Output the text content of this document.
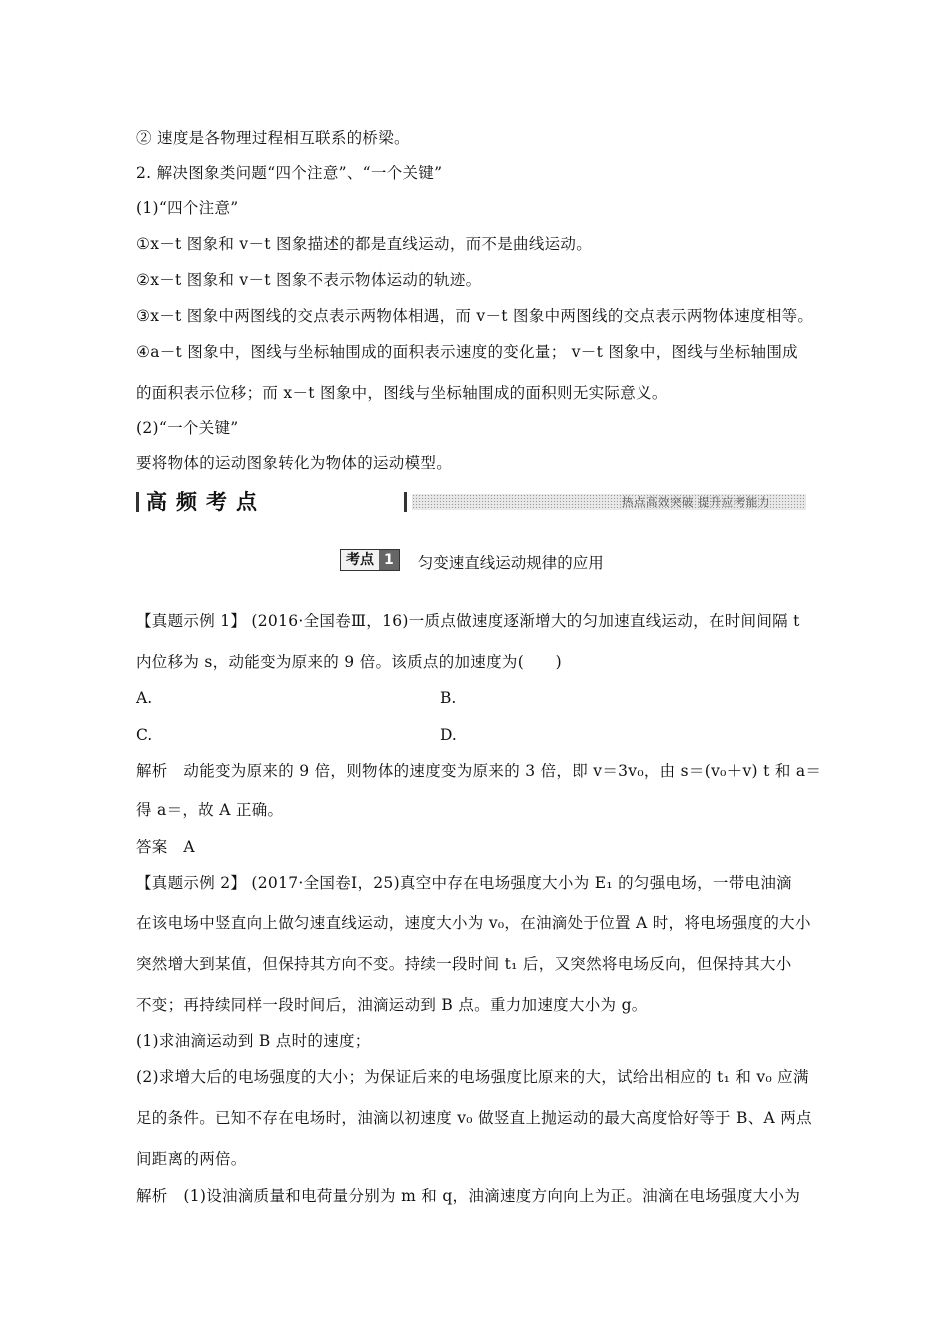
② 速度是各物理过程相互联系的桥梁。
2. 解决图象类问题“四个注意”、“一个关键”
(1)“四个注意”
①x－t 图象和 v－t 图象描述的都是直线运动，而不是曲线运动。
②x－t 图象和 v－t 图象不表示物体运动的轨迹。
③x－t 图象中两图线的交点表示两物体相遇，而 v－t 图象中两图线的交点表示两物体速度相等。
④a－t 图象中，图线与坐标轴围成的面积表示速度的变化量； v－t 图象中，图线与坐标轴围成
的面积表示位移；而 x－t 图象中，图线与坐标轴围成的面积则无实际意义。
(2)“一个关键”
要将物体的运动图象转化为物体的运动模型。
高频考点	热点高效突破 提升应考能力
考点 1	匀变速直线运动规律的应用
【真题示例 1】 (2016·全国卷Ⅲ，16)一质点做速度逐渐增大的匀加速直线运动，在时间间隔 t
内位移为 s，动能变为原来的 9 倍。该质点的加速度为(　　)
A.	B.
C.	D.
解析　动能变为原来的 9 倍，则物体的速度变为原来的 3 倍，即 v＝3v₀，由 s＝(v₀＋v) t 和 a＝
得 a＝，故 A 正确。
答案　A
【真题示例 2】 (2017·全国卷Ⅰ，25)真空中存在电场强度大小为 E₁ 的匀强电场，一带电油滴
在该电场中竖直向上做匀速直线运动，速度大小为 v₀，在油滴处于位置 A 时，将电场强度的大小
突然增大到某值，但保持其方向不变。持续一段时间 t₁ 后，又突然将电场反向，但保持其大小
不变；再持续同样一段时间后，油滴运动到 B 点。重力加速度大小为 g。
(1)求油滴运动到 B 点时的速度；
(2)求增大后的电场强度的大小；为保证后来的电场强度比原来的大，试给出相应的 t₁ 和 v₀ 应满
足的条件。已知不存在电场时，油滴以初速度 v₀ 做竖直上抛运动的最大高度恰好等于 B、A 两点
间距离的两倍。
解析　(1)设油滴质量和电荷量分别为 m 和 q，油滴速度方向向上为正。油滴在电场强度大小为
